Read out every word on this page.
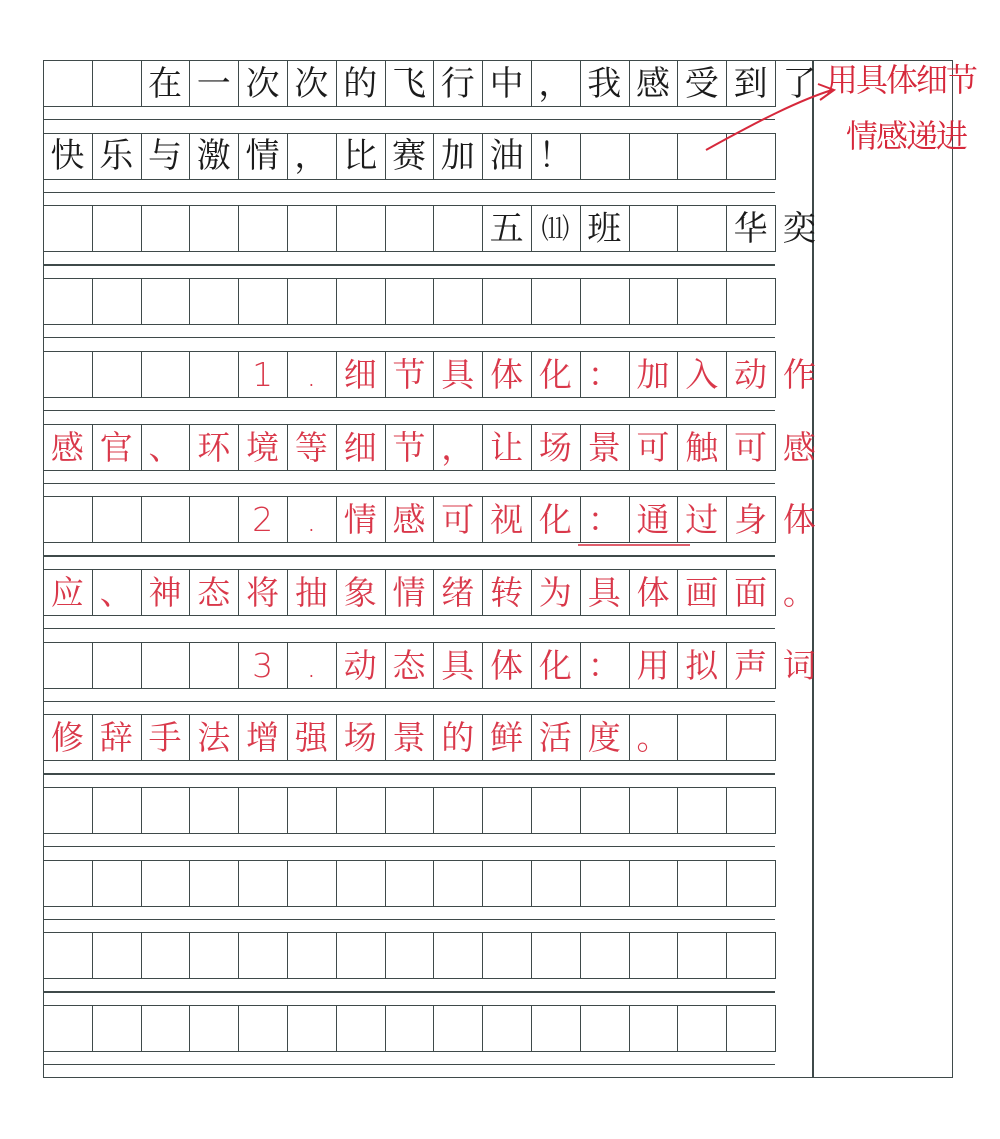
在 一 次 次 的 飞 行 中 ， 我 感 受 到 了
快 乐 与 激 情 ， 比 赛 加 油 ！
五 ⑾ 班	华 奕
1	. 细 节 具 体 化 ： 加 入 动 作
感 官 、 环 境 等 细 节 ， 让 场 景 可 触 可 感
2	. 情 感 可 视 化 ： 通 过 身 体
应 、 神 态 将 抽 象 情 绪 转 为 具 体 画 面 。
3	. 动 态 具 体 化 ： 用 拟 声 词
修 辞 手 法 增 强 场 景 的 鲜 活 度 。
用具体细节
情感递进
